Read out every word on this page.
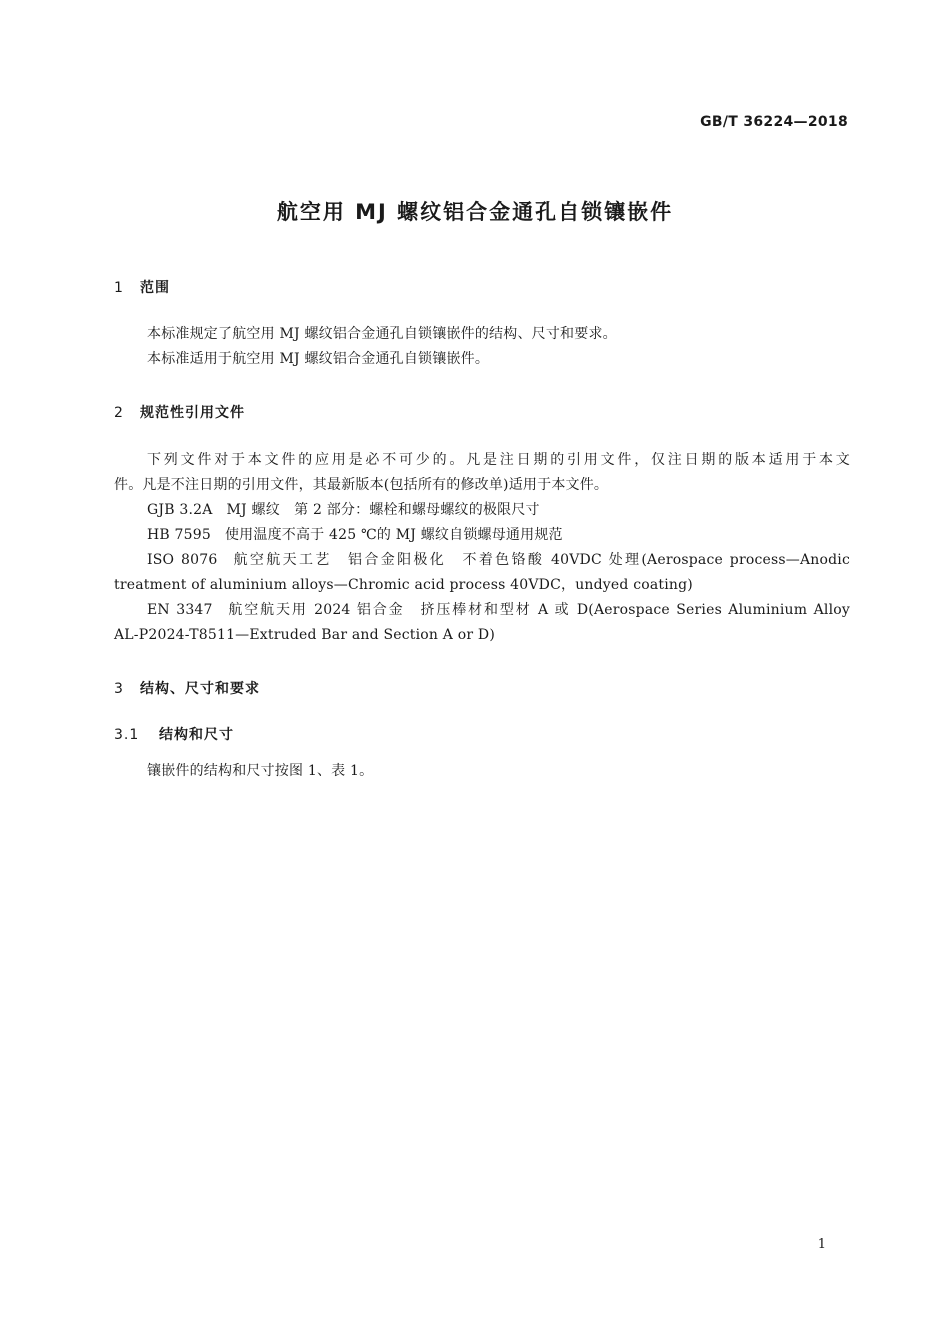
GB/T 36224—2018
航空用 MJ 螺纹铝合金通孔自锁镶嵌件
1 范围
本标准规定了航空用 MJ 螺纹铝合金通孔自锁镶嵌件的结构、尺寸和要求。
本标准适用于航空用 MJ 螺纹铝合金通孔自锁镶嵌件。
2 规范性引用文件
下列文件对于本文件的应用是必不可少的。凡是注日期的引用文件，仅注日期的版本适用于本文
件。凡是不注日期的引用文件，其最新版本(包括所有的修改单)适用于本文件。
GJB 3.2A MJ 螺纹　第 2 部分：螺栓和螺母螺纹的极限尺寸
HB 7595 使用温度不高于 425 ℃的 MJ 螺纹自锁螺母通用规范
ISO 8076 航空航天工艺　铝合金阳极化　不着色铬酸 40VDC 处理(Aerospace process—Anodic
treatment of aluminium alloys—Chromic acid process 40VDC，undyed coating)
EN 3347 航空航天用 2024 铝合金　挤压棒材和型材 A 或 D(Aerospace Series Aluminium Alloy
AL-P2024-T8511—Extruded Bar and Section A or D)
3 结构、尺寸和要求
3.1 结构和尺寸
镶嵌件的结构和尺寸按图 1、表 1。
1
